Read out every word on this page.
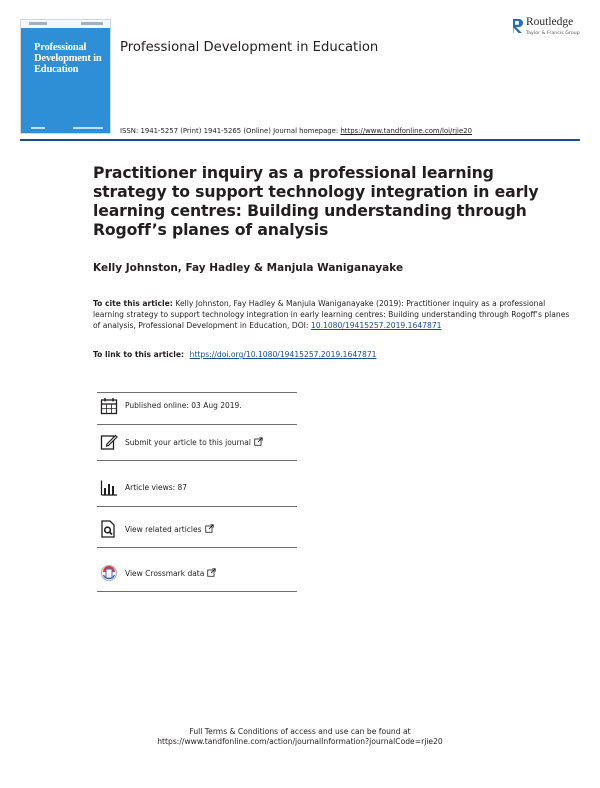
Professional Development in Education
Routledge
Taylor & Francis Group
Professional Development in Education
ISSN: 1941-5257 (Print) 1941-5265 (Online) Journal homepage: https://www.tandfonline.com/loi/rjie20
Practitioner inquiry as a professional learning strategy to support technology integration in early learning centres: Building understanding through Rogoff’s planes of analysis
Kelly Johnston, Fay Hadley & Manjula Waniganayake
To cite this article: Kelly Johnston, Fay Hadley & Manjula Waniganayake (2019): Practitioner inquiry as a professional learning strategy to support technology integration in early learning centres: Building understanding through Rogoff’s planes of analysis, Professional Development in Education, DOI: 10.1080/19415257.2019.1647871
To link to this article: https://doi.org/10.1080/19415257.2019.1647871
Published online: 03 Aug 2019.
Submit your article to this journal
Article views: 87
View related articles
View Crossmark data
Full Terms & Conditions of access and use can be found at
https://www.tandfonline.com/action/journalInformation?journalCode=rjie20
